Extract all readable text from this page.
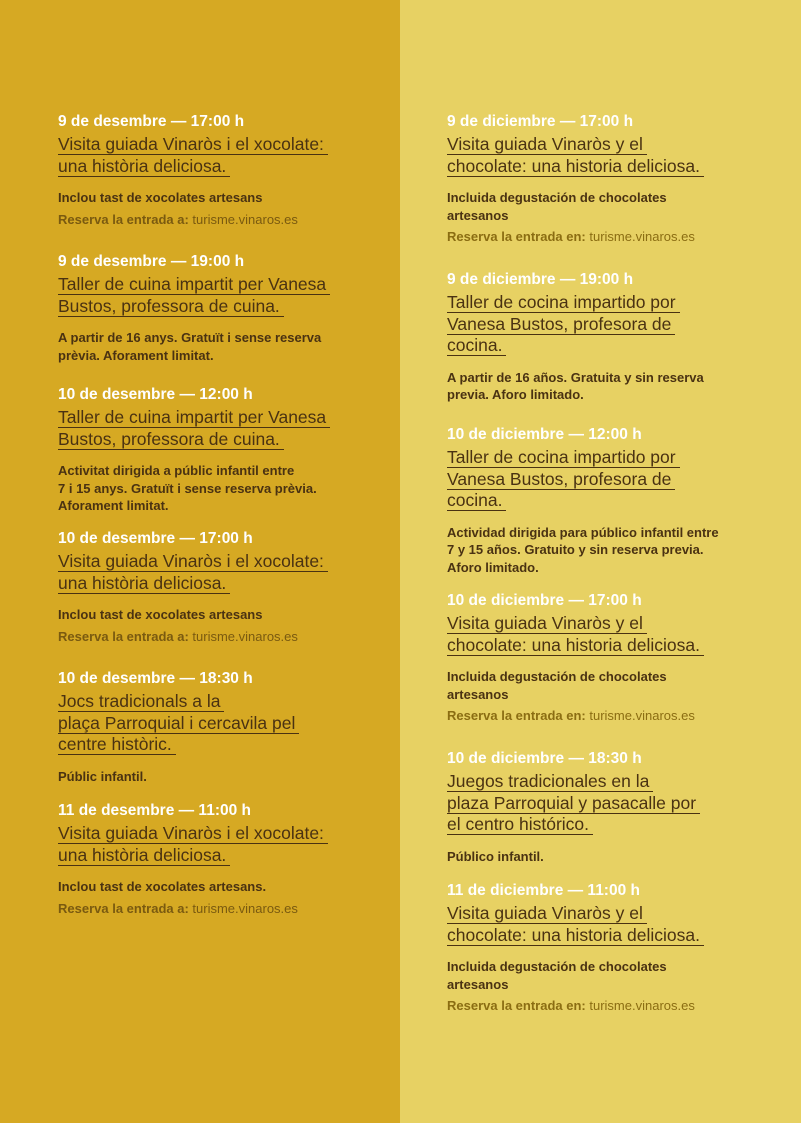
9 de desembre — 17:00 h
Visita guiada Vinaròs i el xocolate:
una història deliciosa.
Inclou tast de xocolates artesans
Reserva la entrada a: turisme.vinaros.es
9 de desembre — 19:00 h
Taller de cuina impartit per Vanesa
Bustos, professora de cuina.
A partir de 16 anys. Gratuït i sense reserva
prèvia. Aforament limitat.
10 de desembre — 12:00 h
Taller de cuina impartit per Vanesa
Bustos, professora de cuina.
Activitat dirigida a públic infantil entre
7 i 15 anys. Gratuït i sense reserva prèvia.
Aforament limitat.
10 de desembre — 17:00 h
Visita guiada Vinaròs i el xocolate:
una història deliciosa.
Inclou tast de xocolates artesans
Reserva la entrada a: turisme.vinaros.es
10 de desembre — 18:30 h
Jocs tradicionals a la
plaça Parroquial i cercavila pel
centre històric.
Públic infantil.
11 de desembre — 11:00 h
Visita guiada Vinaròs i el xocolate:
una història deliciosa.
Inclou tast de xocolates artesans.
Reserva la entrada a: turisme.vinaros.es
9 de diciembre — 17:00 h
Visita guiada Vinaròs y el
chocolate: una historia deliciosa.
Incluida degustación de chocolates
artesanos
Reserva la entrada en: turisme.vinaros.es
9 de diciembre — 19:00 h
Taller de cocina impartido por
Vanesa Bustos, profesora de
cocina.
A partir de 16 años. Gratuita y sin reserva
previa. Aforo limitado.
10 de diciembre — 12:00 h
Taller de cocina impartido por
Vanesa Bustos, profesora de
cocina.
Actividad dirigida para público infantil entre
7 y 15 años. Gratuito y sin reserva previa.
Aforo limitado.
10 de diciembre — 17:00 h
Visita guiada Vinaròs y el
chocolate: una historia deliciosa.
Incluida degustación de chocolates
artesanos
Reserva la entrada en: turisme.vinaros.es
10 de diciembre — 18:30 h
Juegos tradicionales en la
plaza Parroquial y pasacalle por
el centro histórico.
Público infantil.
11 de diciembre — 11:00 h
Visita guiada Vinaròs y el
chocolate: una historia deliciosa.
Incluida degustación de chocolates
artesanos
Reserva la entrada en: turisme.vinaros.es
